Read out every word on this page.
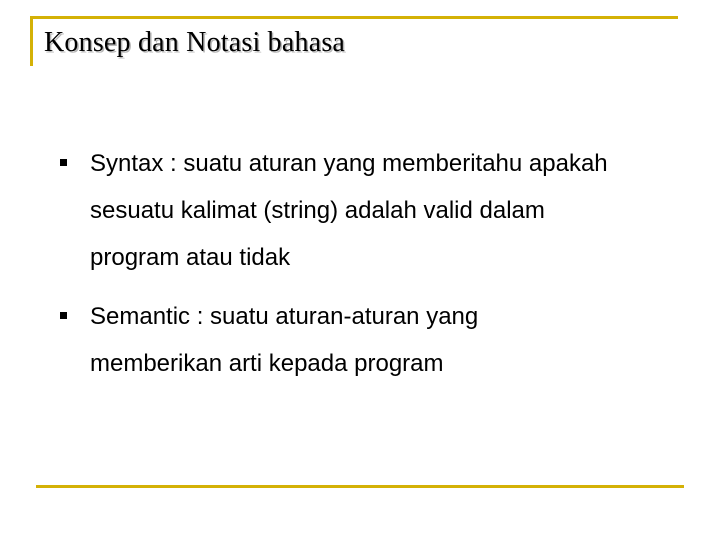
Konsep dan Notasi bahasa
Syntax : suatu aturan yang memberitahu apakah
sesuatu kalimat (string) adalah valid dalam
program atau tidak
Semantic : suatu aturan-aturan yang
memberikan arti kepada program
